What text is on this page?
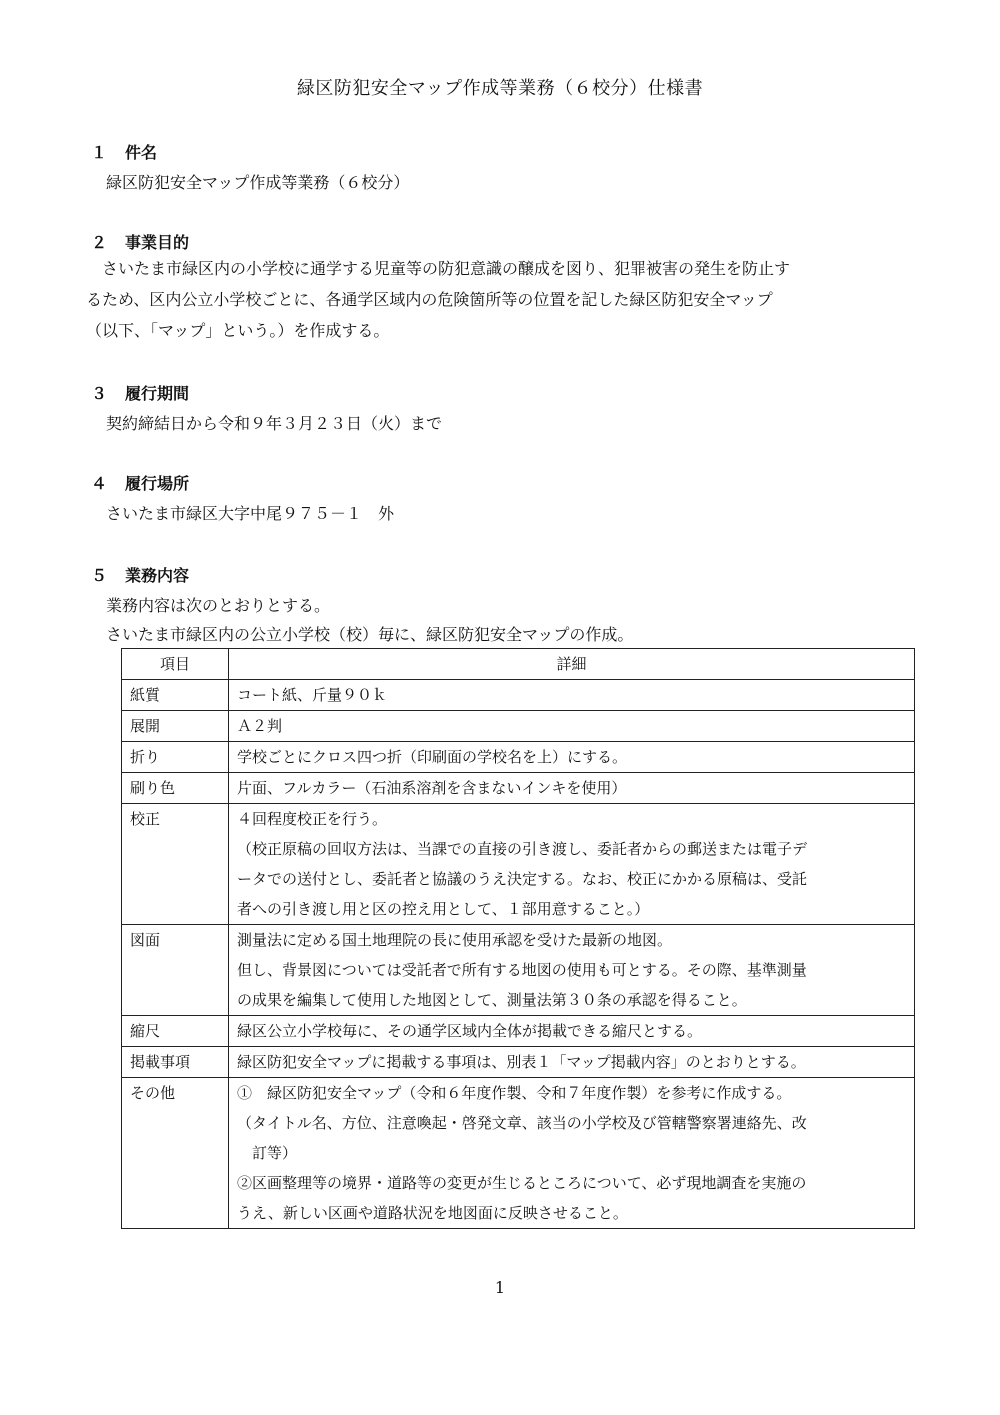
緑区防犯安全マップ作成等業務（６校分）仕様書
１ 件名
緑区防犯安全マップ作成等業務（６校分）
２ 事業目的
　さいたま市緑区内の小学校に通学する児童等の防犯意識の醸成を図り、犯罪被害の発生を防止す
るため、区内公立小学校ごとに、各通学区域内の危険箇所等の位置を記した緑区防犯安全マップ
（以下、「マップ」という。）を作成する。
３ 履行期間
契約締結日から令和９年３月２３日（火）まで
４ 履行場所
さいたま市緑区大字中尾９７５－１　外
５ 業務内容
業務内容は次のとおりとする。
さいたま市緑区内の公立小学校（校）毎に、緑区防犯安全マップの作成。
項目	詳細
紙質	コート紙、斤量９０ｋ

展開	Ａ２判

折り	学校ごとにクロス四つ折（印刷面の学校名を上）にする。

刷り色	片面、フルカラー（石油系溶剤を含まないインキを使用）

校正	４回程度校正を行う。
（校正原稿の回収方法は、当課での直接の引き渡し、委託者からの郵送または電子デ
ータでの送付とし、委託者と協議のうえ決定する。なお、校正にかかる原稿は、受託
者への引き渡し用と区の控え用として、１部用意すること。）

図面	測量法に定める国土地理院の長に使用承認を受けた最新の地図。
但し、背景図については受託者で所有する地図の使用も可とする。その際、基準測量
の成果を編集して使用した地図として、測量法第３０条の承認を得ること。

縮尺	緑区公立小学校毎に、その通学区域内全体が掲載できる縮尺とする。

掲載事項	緑区防犯安全マップに掲載する事項は、別表１「マップ掲載内容」のとおりとする。

その他	①　緑区防犯安全マップ（令和６年度作製、令和７年度作製）を参考に作成する。
（タイトル名、方位、注意喚起・啓発文章、該当の小学校及び管轄警察署連絡先、改
　訂等）
②区画整理等の境界・道路等の変更が生じるところについて、必ず現地調査を実施の
うえ、新しい区画や道路状況を地図面に反映させること。
1
